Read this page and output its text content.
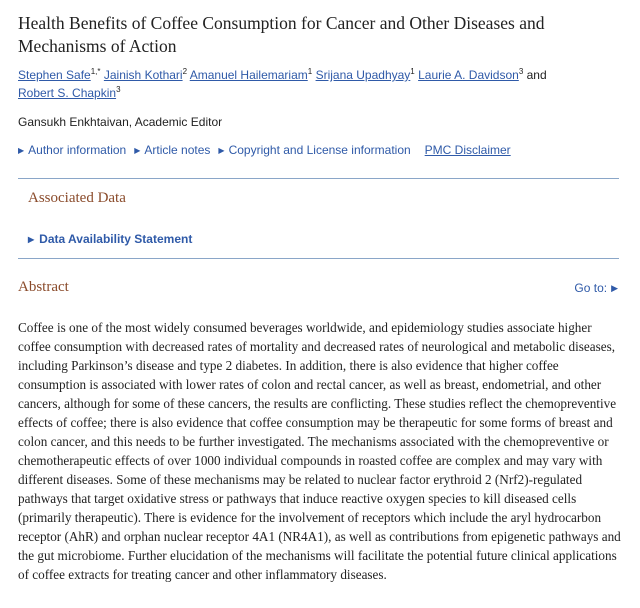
Health Benefits of Coffee Consumption for Cancer and Other Diseases and Mechanisms of Action
Stephen Safe$^{1,*}$ Jainish Kothari$^2$ Amanuel Hailemariam$^1$ Srijana Upadhyay$^1$ Laurie A. Davidson$^3$ and
Robert S. Chapkin$^3$
Gansukh Enkhtaivan, Academic Editor
▶ Author information ▶ Article notes ▶ Copyright and License information PMC Disclaimer
Associated Data
▶ Data Availability Statement
Abstract	Go to: ▶

Coffee is one of the most widely consumed beverages worldwide, and epidemiology studies associate higher coffee consumption with decreased rates of mortality and decreased rates of neurological and metabolic diseases, including Parkinson’s disease and type 2 diabetes. In addition, there is also evidence that higher coffee consumption is associated with lower rates of colon and rectal cancer, as well as breast, endometrial, and other cancers, although for some of these cancers, the results are conflicting. These studies reflect the chemopreventive effects of coffee; there is also evidence that coffee consumption may be therapeutic for some forms of breast and colon cancer, and this needs to be further investigated. The mechanisms associated with the chemopreventive or chemotherapeutic effects of over 1000 individual compounds in roasted coffee are complex and may vary with different diseases. Some of these mechanisms may be related to nuclear factor erythroid 2 (Nrf2)-regulated pathways that target oxidative stress or pathways that induce reactive oxygen species to kill diseased cells (primarily therapeutic). There is evidence for the involvement of receptors which include the aryl hydrocarbon receptor (AhR) and orphan nuclear receptor 4A1 (NR4A1), as well as contributions from epigenetic pathways and the gut microbiome. Further elucidation of the mechanisms will facilitate the potential future clinical applications of coffee extracts for treating cancer and other inflammatory diseases.
